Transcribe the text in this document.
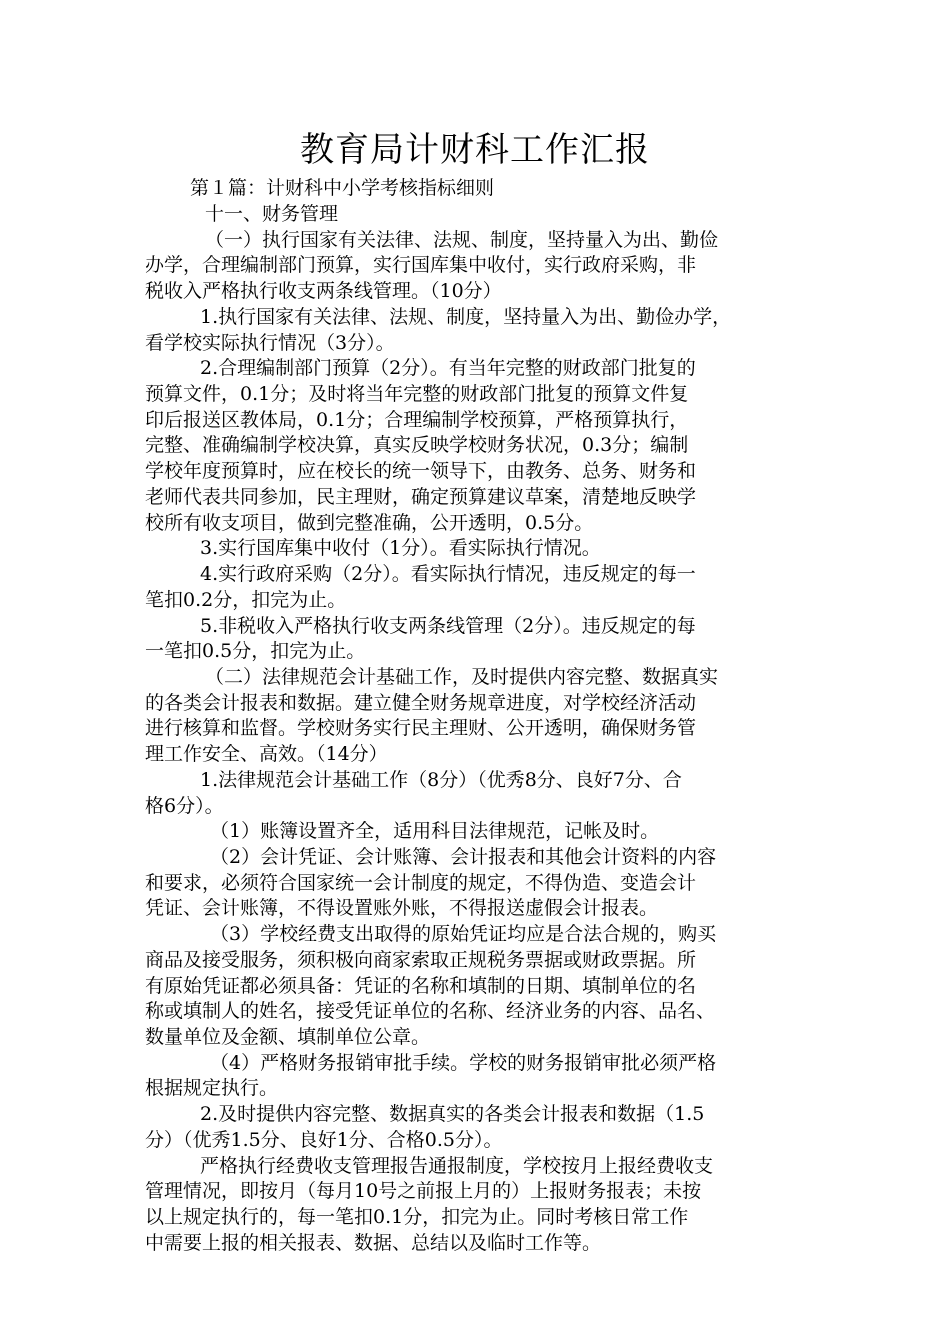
教育局计财科工作汇报
第１篇：计财科中小学考核指标细则
十一、财务管理
（一）执行国家有关法律、法规、制度，坚持量入为出、勤俭
办学，合理编制部门预算，实行国库集中收付，实行政府采购，非
税收入严格执行收支两条线管理。（10分）
1.执行国家有关法律、法规、制度，坚持量入为出、勤俭办学，
看学校实际执行情况（3分）。
2.合理编制部门预算（2分）。有当年完整的财政部门批复的
预算文件，0.1分；及时将当年完整的财政部门批复的预算文件复
印后报送区教体局，0.1分；合理编制学校预算，严格预算执行，
完整、准确编制学校决算，真实反映学校财务状况，0.3分；编制
学校年度预算时，应在校长的统一领导下，由教务、总务、财务和
老师代表共同参加，民主理财，确定预算建议草案，清楚地反映学
校所有收支项目，做到完整准确，公开透明，0.5分。
3.实行国库集中收付（1分）。看实际执行情况。
4.实行政府采购（2分）。看实际执行情况，违反规定的每一
笔扣0.2分，扣完为止。
5.非税收入严格执行收支两条线管理（2分）。违反规定的每
一笔扣0.5分，扣完为止。
（二）法律规范会计基础工作，及时提供内容完整、数据真实
的各类会计报表和数据。建立健全财务规章进度，对学校经济活动
进行核算和监督。学校财务实行民主理财、公开透明，确保财务管
理工作安全、高效。（14分）
1.法律规范会计基础工作（8分）（优秀8分、良好7分、合
格6分）。
（1）账簿设置齐全，适用科目法律规范，记帐及时。
（2）会计凭证、会计账簿、会计报表和其他会计资料的内容
和要求，必须符合国家统一会计制度的规定，不得伪造、变造会计
凭证、会计账簿，不得设置账外账，不得报送虚假会计报表。
（3）学校经费支出取得的原始凭证均应是合法合规的，购买
商品及接受服务，须积极向商家索取正规税务票据或财政票据。所
有原始凭证都必须具备：凭证的名称和填制的日期、填制单位的名
称或填制人的姓名，接受凭证单位的名称、经济业务的内容、品名、
数量单位及金额、填制单位公章。
（4）严格财务报销审批手续。学校的财务报销审批必须严格
根据规定执行。
2.及时提供内容完整、数据真实的各类会计报表和数据（1.5
分）（优秀1.5分、良好1分、合格0.5分）。
严格执行经费收支管理报告通报制度，学校按月上报经费收支
管理情况，即按月（每月10号之前报上月的）上报财务报表；未按
以上规定执行的，每一笔扣0.1分，扣完为止。同时考核日常工作
中需要上报的相关报表、数据、总结以及临时工作等。
